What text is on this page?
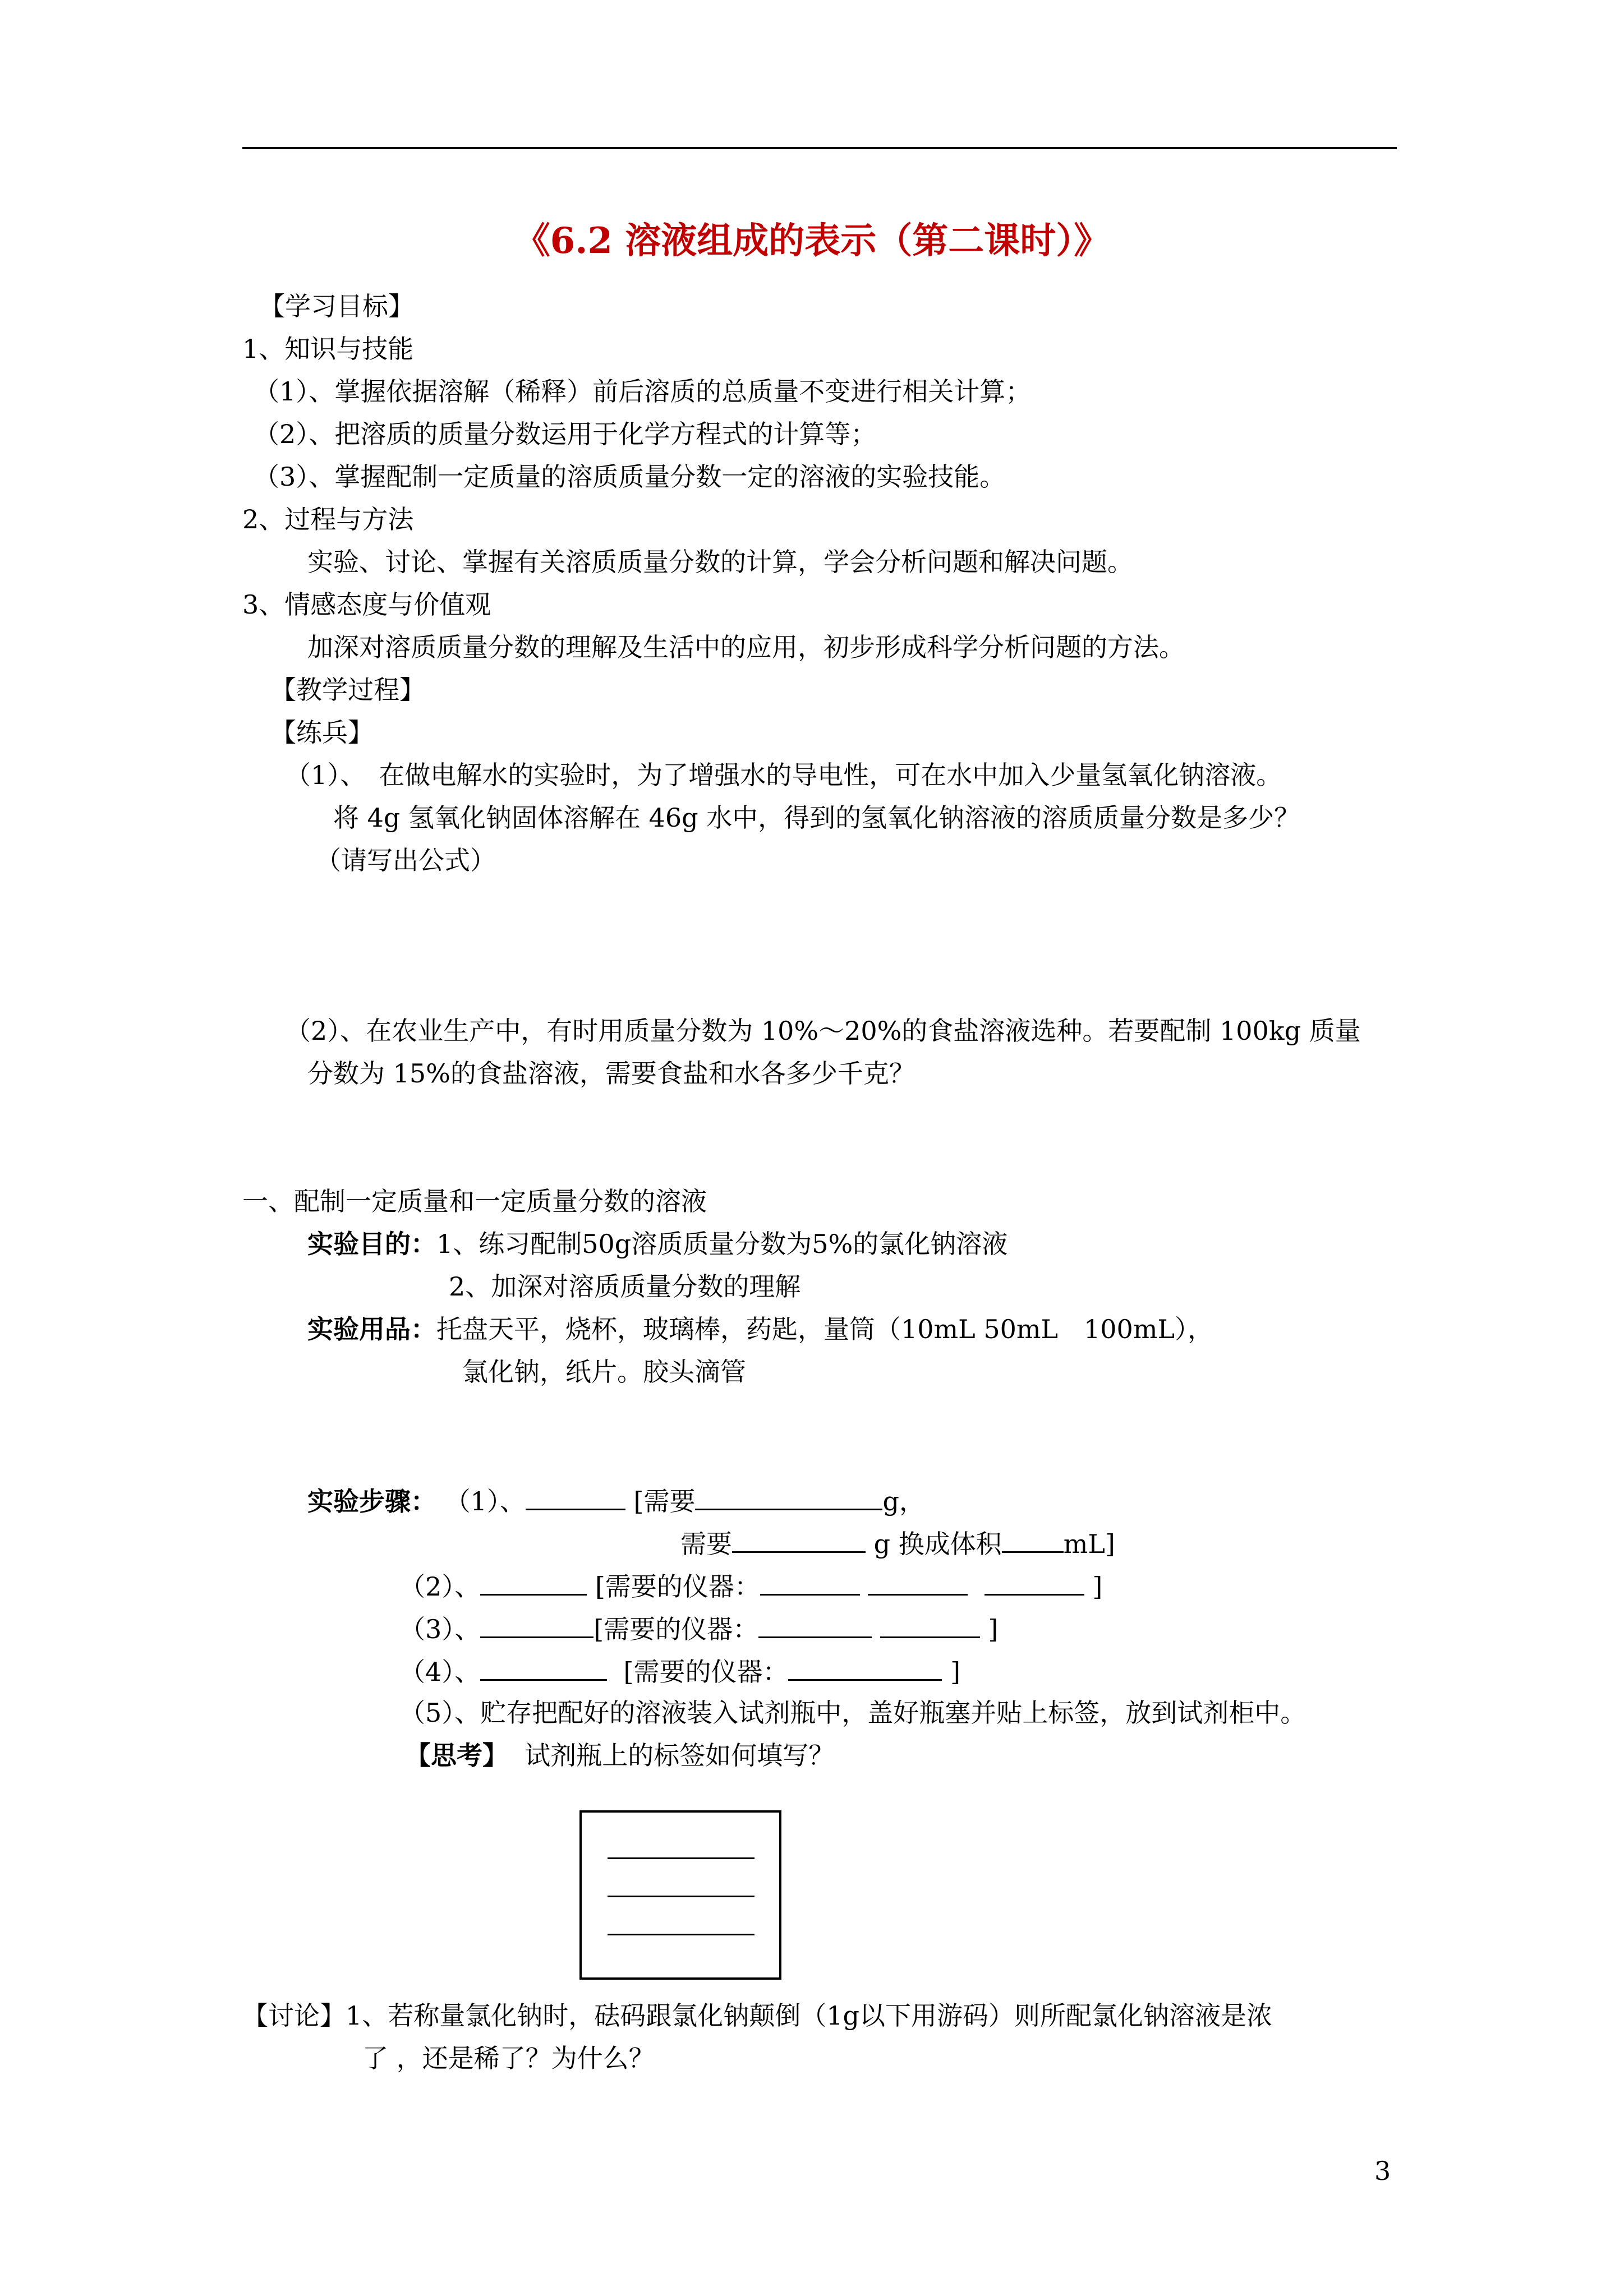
《6.2 溶液组成的表示（第二课时）》
【学习目标】
1、知识与技能
（1）、掌握依据溶解（稀释）前后溶质的总质量不变进行相关计算；
（2）、把溶质的质量分数运用于化学方程式的计算等；
（3）、掌握配制一定质量的溶质质量分数一定的溶液的实验技能。
2、过程与方法
实验、讨论、掌握有关溶质质量分数的计算，学会分析问题和解决问题。
3、情感态度与价值观
加深对溶质质量分数的理解及生活中的应用，初步形成科学分析问题的方法。
【教学过程】
【练兵】
（1）、　在做电解水的实验时，为了增强水的导电性，可在水中加入少量氢氧化钠溶液。
将 4g 氢氧化钠固体溶解在 46g 水中，得到的氢氧化钠溶液的溶质质量分数是多少？
（请写出公式）
（2）、在农业生产中，有时用质量分数为 10%～20%的食盐溶液选种。若要配制 100kg 质量
分数为 15%的食盐溶液，需要食盐和水各多少千克？
一、配制一定质量和一定质量分数的溶液
实验目的：1、练习配制50g溶质质量分数为5%的氯化钠溶液
2、加深对溶质质量分数的理解
实验用品：托盘天平，烧杯，玻璃棒，药匙，量筒（10mL 50mL　100mL），
氯化钠，纸片。胶头滴管
实验步骤： （1）、	[需要	g，
需要	g 换成体积 mL]
（2）、	[需要的仪器：	]
（3）、	[需要的仪器：	]
（4）、	[需要的仪器：	]
（5）、贮存把配好的溶液装入试剂瓶中，盖好瓶塞并贴上标签，放到试剂柜中。
【思考】 试剂瓶上的标签如何填写？
【讨论】1、若称量氯化钠时，砝码跟氯化钠颠倒（1g以下用游码）则所配氯化钠溶液是浓
了 ，还是稀了？为什么？
3
